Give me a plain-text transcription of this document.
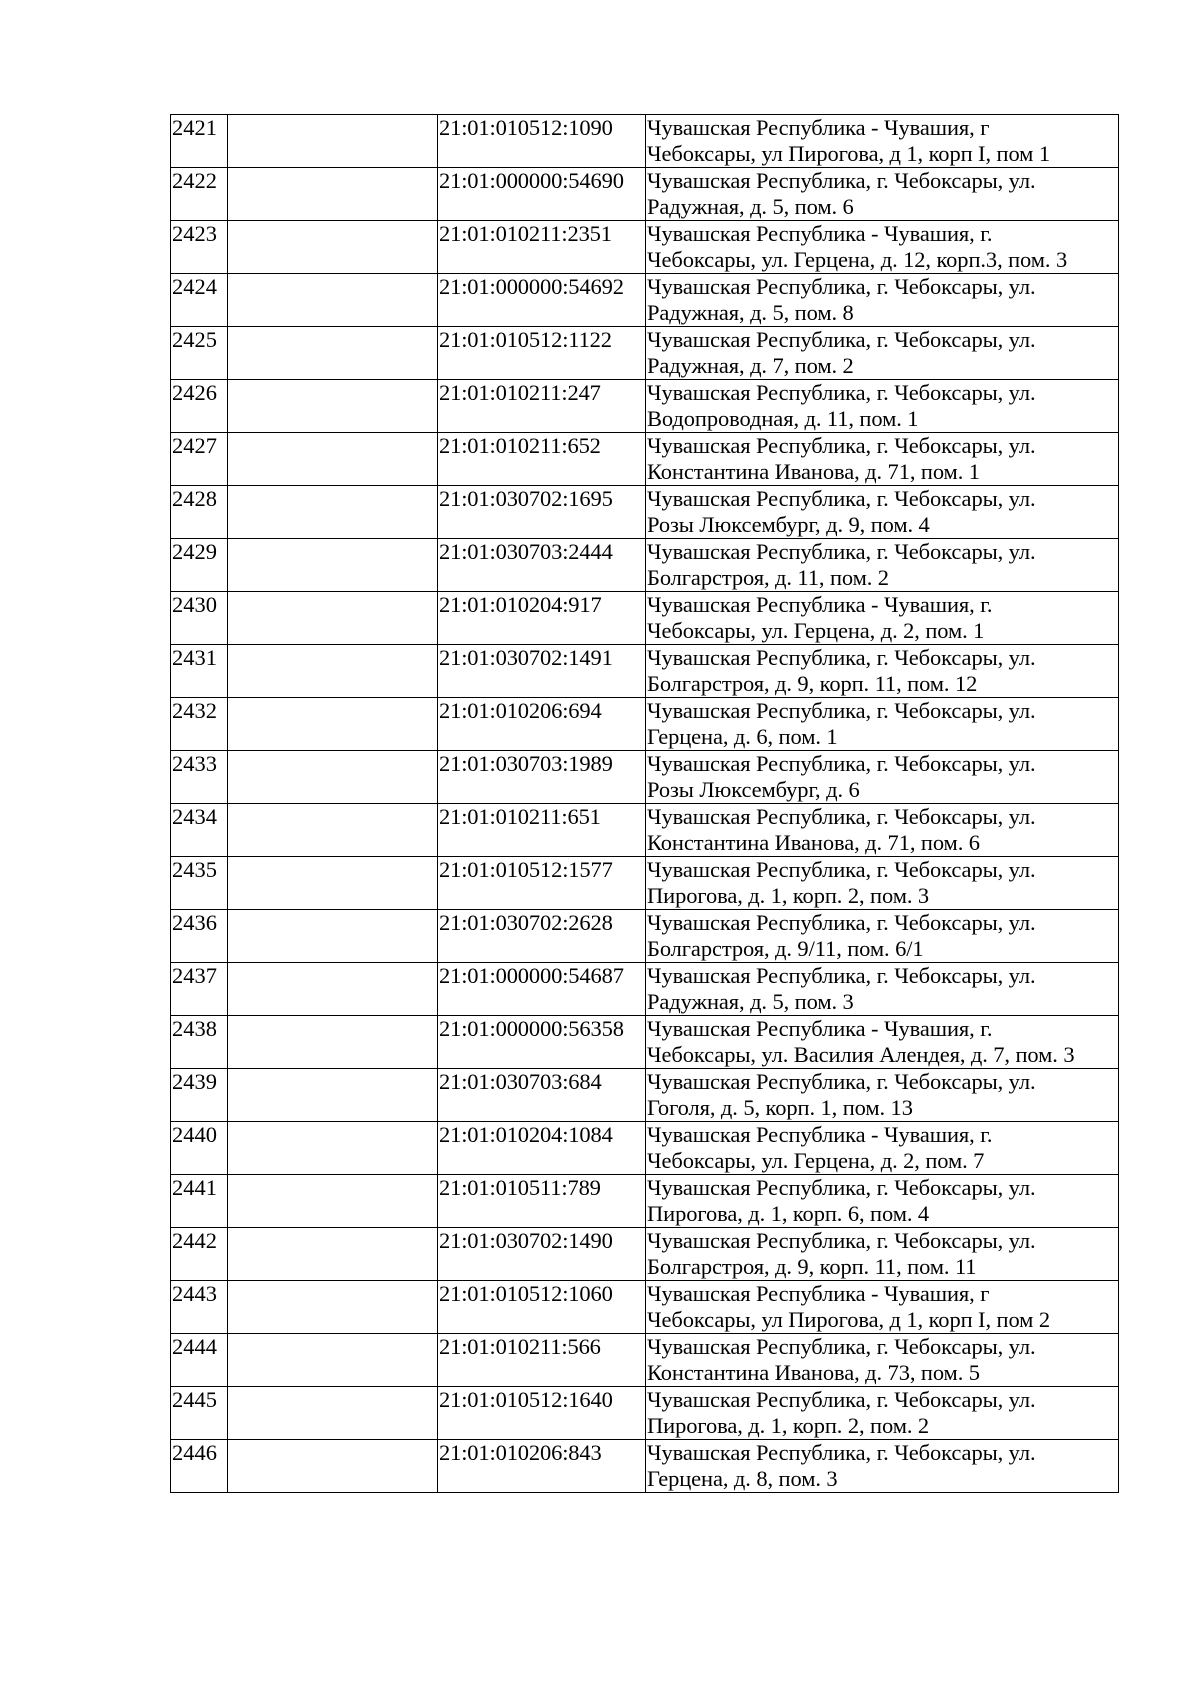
2421		21:01:010512:1090	Чувашская Республика - Чувашия, г
Чебоксары, ул Пирогова, д 1, корп I, пом 1

2422		21:01:000000:54690	Чувашская Республика, г. Чебоксары, ул.
Радужная, д. 5, пом. 6

2423		21:01:010211:2351	Чувашская Республика - Чувашия, г.
Чебоксары, ул. Герцена, д. 12, корп.3, пом. 3

2424		21:01:000000:54692	Чувашская Республика, г. Чебоксары, ул.
Радужная, д. 5, пом. 8

2425		21:01:010512:1122	Чувашская Республика, г. Чебоксары, ул.
Радужная, д. 7, пом. 2

2426		21:01:010211:247	Чувашская Республика, г. Чебоксары, ул.
Водопроводная, д. 11, пом. 1

2427		21:01:010211:652	Чувашская Республика, г. Чебоксары, ул.
Константина Иванова, д. 71, пом. 1

2428		21:01:030702:1695	Чувашская Республика, г. Чебоксары, ул.
Розы Люксембург, д. 9, пом. 4

2429		21:01:030703:2444	Чувашская Республика, г. Чебоксары, ул.
Болгарстроя, д. 11, пом. 2

2430		21:01:010204:917	Чувашская Республика - Чувашия, г.
Чебоксары, ул. Герцена, д. 2, пом. 1

2431		21:01:030702:1491	Чувашская Республика, г. Чебоксары, ул.
Болгарстроя, д. 9, корп. 11, пом. 12

2432		21:01:010206:694	Чувашская Республика, г. Чебоксары, ул.
Герцена, д. 6, пом. 1

2433		21:01:030703:1989	Чувашская Республика, г. Чебоксары, ул.
Розы Люксембург, д. 6

2434		21:01:010211:651	Чувашская Республика, г. Чебоксары, ул.
Константина Иванова, д. 71, пом. 6

2435		21:01:010512:1577	Чувашская Республика, г. Чебоксары, ул.
Пирогова, д. 1, корп. 2, пом. 3

2436		21:01:030702:2628	Чувашская Республика, г. Чебоксары, ул.
Болгарстроя, д. 9/11, пом. 6/1

2437		21:01:000000:54687	Чувашская Республика, г. Чебоксары, ул.
Радужная, д. 5, пом. 3

2438		21:01:000000:56358	Чувашская Республика - Чувашия, г.
Чебоксары, ул. Василия Алендея, д. 7, пом. 3

2439		21:01:030703:684	Чувашская Республика, г. Чебоксары, ул.
Гоголя, д. 5, корп. 1, пом. 13

2440		21:01:010204:1084	Чувашская Республика - Чувашия, г.
Чебоксары, ул. Герцена, д. 2, пом. 7

2441		21:01:010511:789	Чувашская Республика, г. Чебоксары, ул.
Пирогова, д. 1, корп. 6, пом. 4

2442		21:01:030702:1490	Чувашская Республика, г. Чебоксары, ул.
Болгарстроя, д. 9, корп. 11, пом. 11

2443		21:01:010512:1060	Чувашская Республика - Чувашия, г
Чебоксары, ул Пирогова, д 1, корп I, пом 2

2444		21:01:010211:566	Чувашская Республика, г. Чебоксары, ул.
Константина Иванова, д. 73, пом. 5

2445		21:01:010512:1640	Чувашская Республика, г. Чебоксары, ул.
Пирогова, д. 1, корп. 2, пом. 2

2446		21:01:010206:843	Чувашская Республика, г. Чебоксары, ул.
Герцена, д. 8, пом. 3
